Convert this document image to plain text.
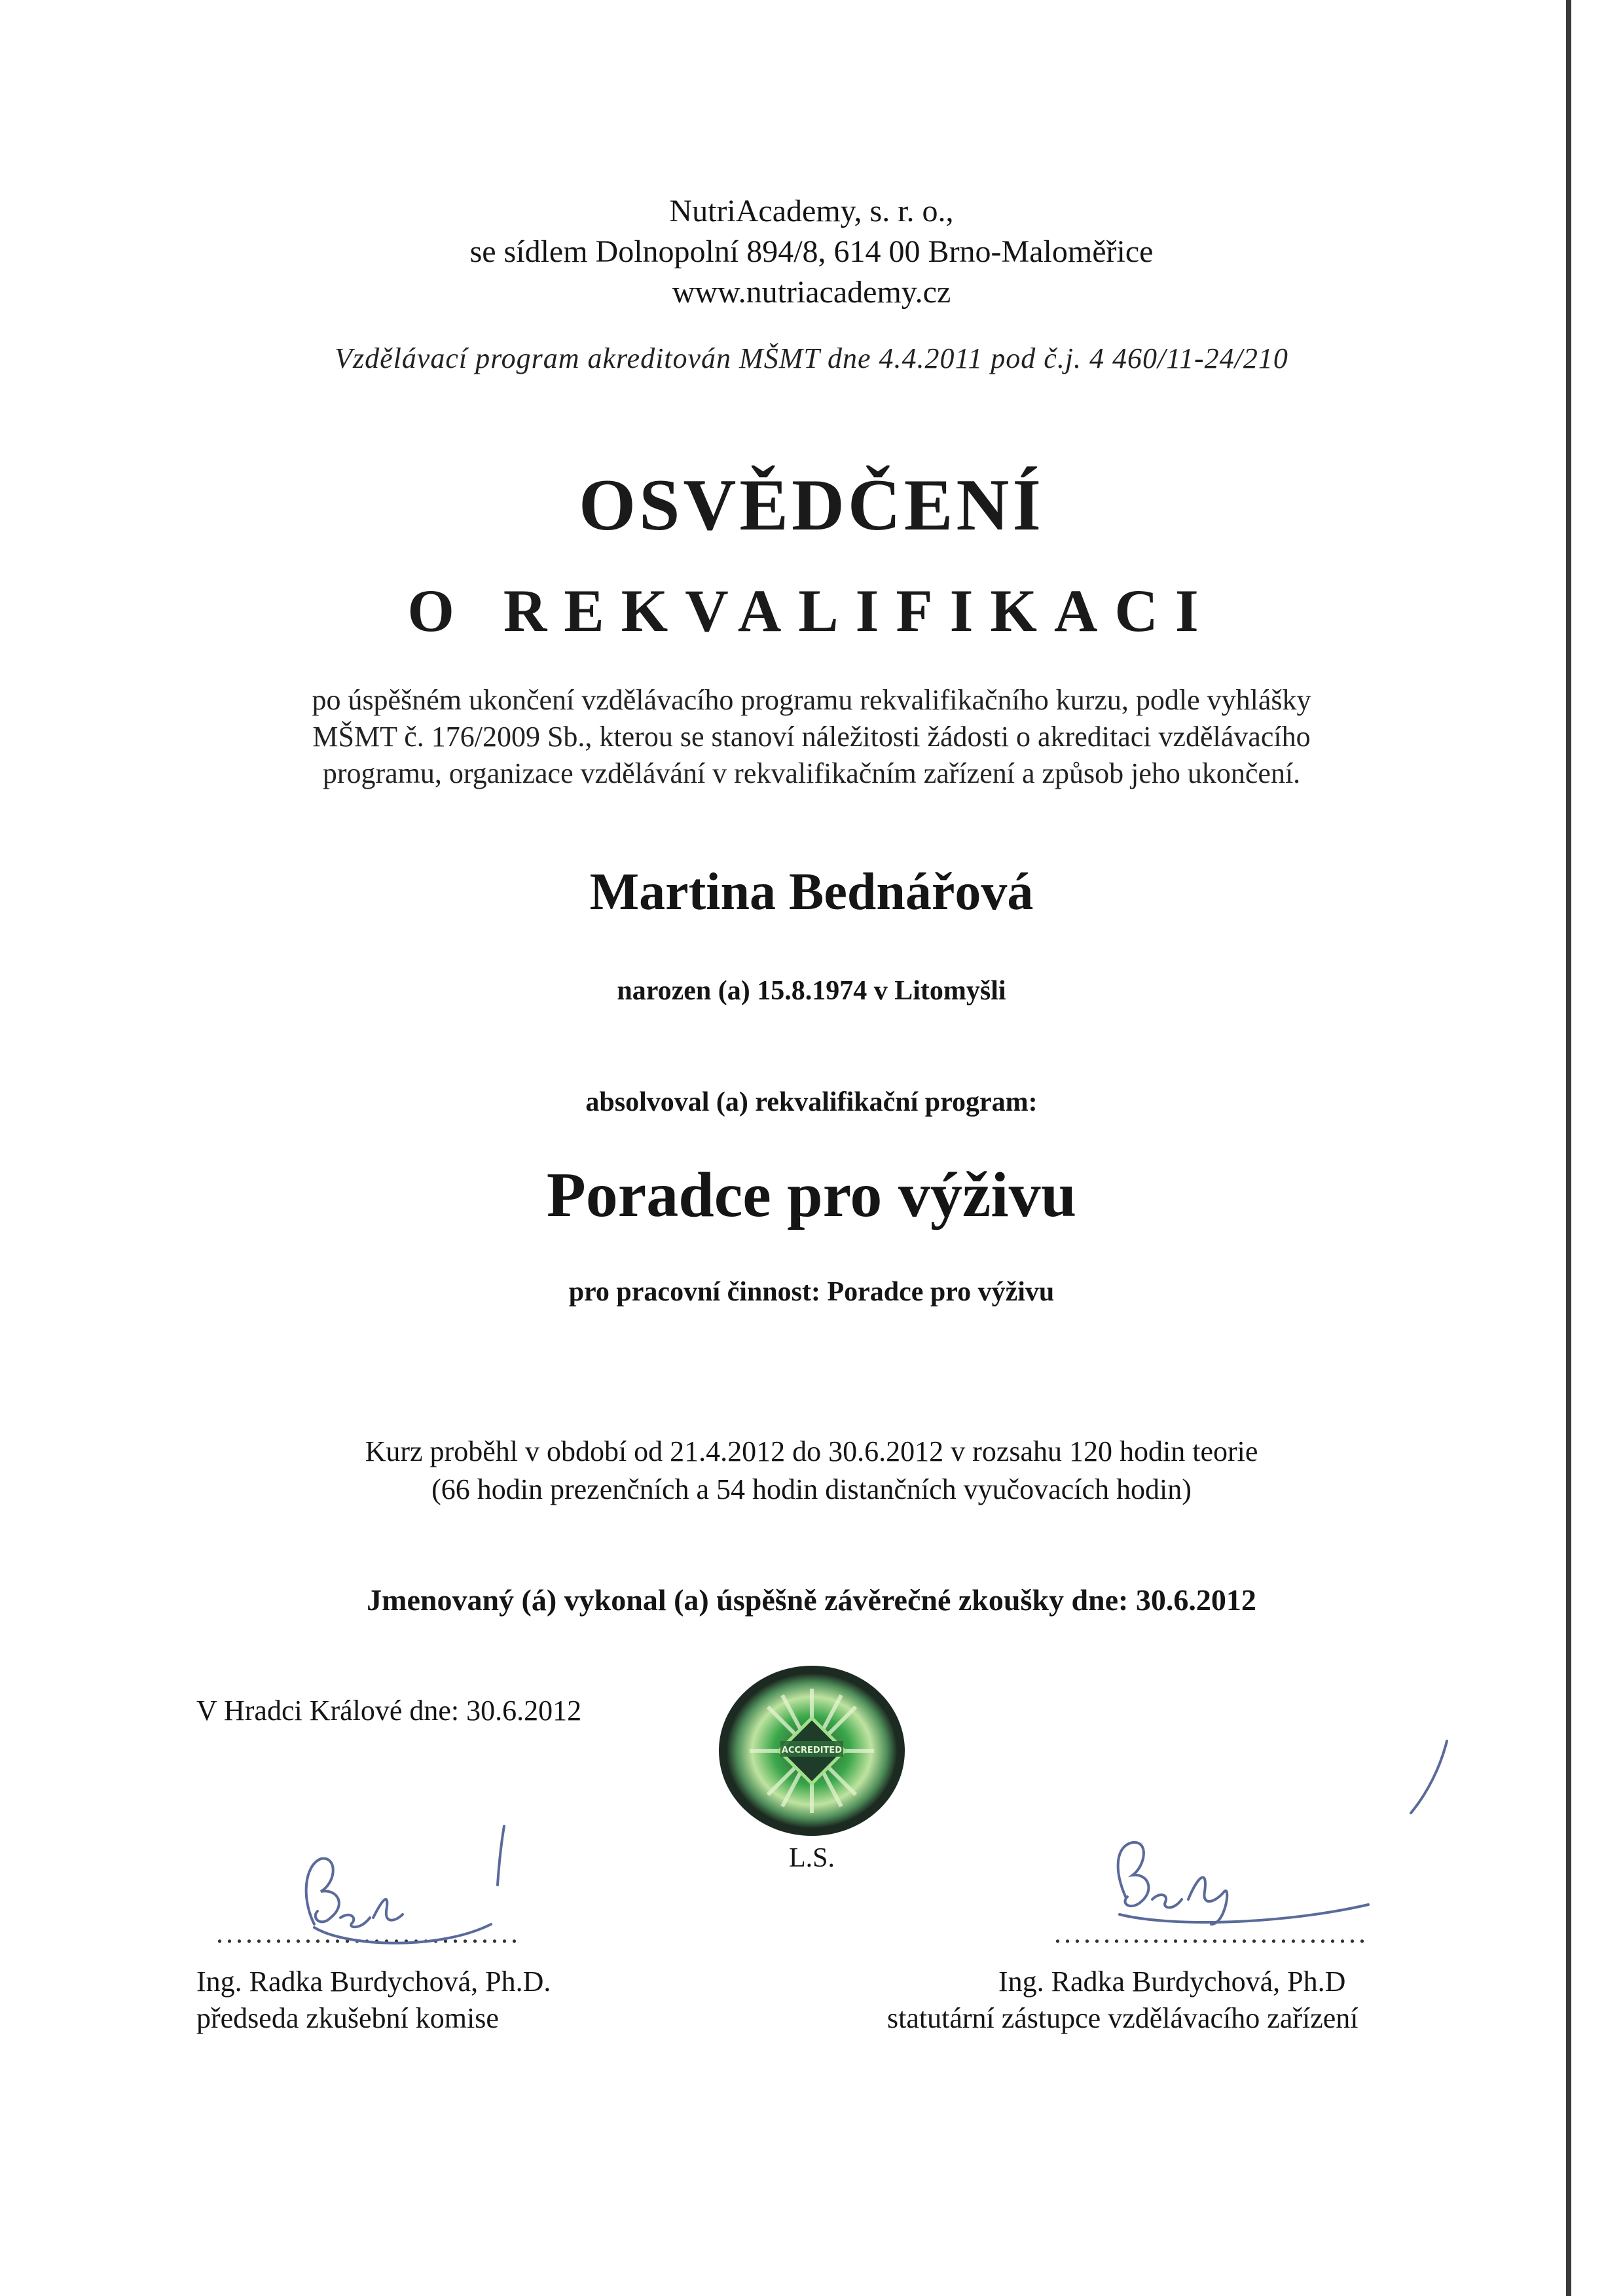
NutriAcademy, s. r. o.,
se sídlem Dolnopolní 894/8, 614 00 Brno-Maloměřice
www.nutriacademy.cz
Vzdělávací program akreditován MŠMT dne 4.4.2011 pod č.j. 4 460/11-24/210
OSVĚDČENÍ
O REKVALIFIKACI
po úspěšném ukončení vzdělávacího programu rekvalifikačního kurzu, podle vyhlášky
MŠMT č. 176/2009 Sb., kterou se stanoví náležitosti žádosti o akreditaci vzdělávacího
programu, organizace vzdělávání v rekvalifikačním zařízení a způsob jeho ukončení.
Martina Bednářová
narozen (a) 15.8.1974 v Litomyšli
absolvoval (a) rekvalifikační program:
Poradce pro výživu
pro pracovní činnost: Poradce pro výživu
Kurz proběhl v období od 21.4.2012 do 30.6.2012 v rozsahu 120 hodin teorie
(66 hodin prezenčních a 54 hodin distančních vyučovacích hodin)
Jmenovaný (á) vykonal (a) úspěšně závěrečné zkoušky dne: 30.6.2012
V Hradci Králové dne: 30.6.2012
ACCREDITED
L.S.
...............................
Ing. Radka Burdychová, Ph.D.
předseda zkušební komise
................................
Ing. Radka Burdychová, Ph.D
statutární zástupce vzdělávacího zařízení
